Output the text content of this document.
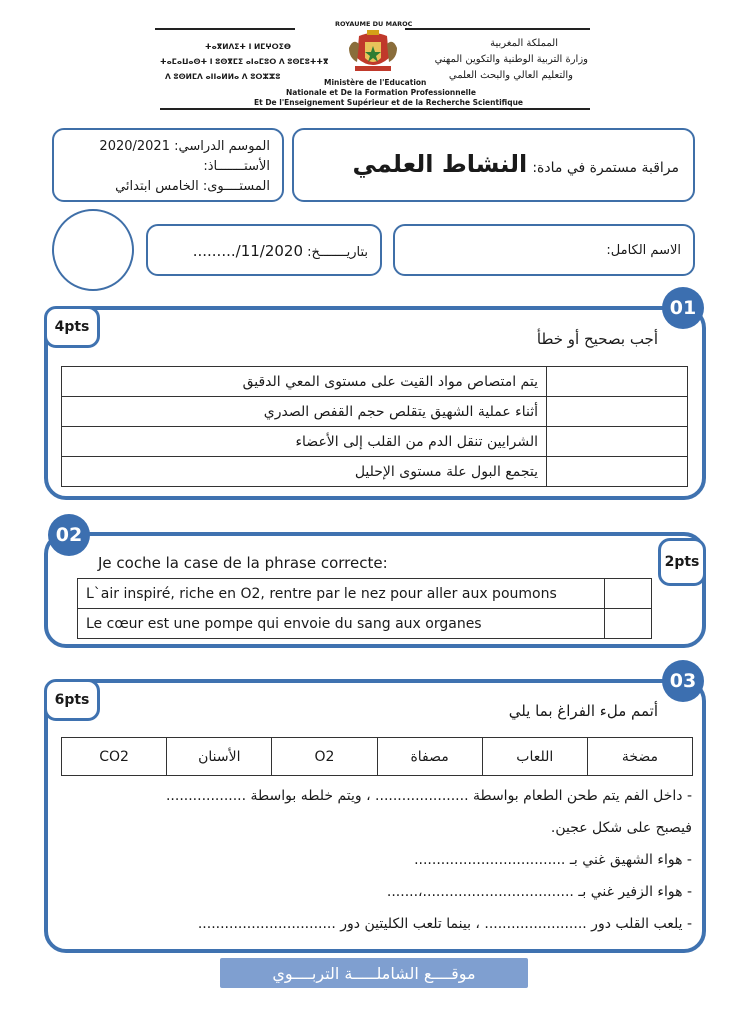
ROYAUME DU MAROC
ⵜⴰⴳⵍⴷⵉⵜ ⵏ ⵍⵎⵖⵔⵉⴱ
ⵜⴰⵎⴰⵡⴰⵙⵜ ⵏ ⵓⵙⴳⵎⵉ ⴰⵏⴰⵎⵓⵔ ⴷ ⵓⵙⵎⵓⵜⵜⴳ
ⴷ ⵓⵙⵍⵎⴷ ⴰⵏⵏⴰⵍⵍⴰ ⴷ ⵓⵔⵣⵣⵓ
المملكة المغربية
وزارة التربية الوطنية والتكوين المهني
والتعليم العالي والبحث العلمي
Ministère de l'Education
Nationale et De la Formation Professionnelle
Et De l'Enseignement Supérieur et de la Recherche Scientifique
الموسم الدراسي: 2020/2021
الأستـــــــاذ:
المستــــوى: الخامس ابتدائي
مراقبة مستمرة في مادة: النشاط العلمي
بتاريـــــــخ: 11/2020/.........	الاسم الكامل:
01
4pts
أجب بصحيح أو خطأ
يتم امتصاص مواد القيت على مستوى المعي الدقيق	
أثناء عملية الشهيق يتقلص حجم القفص الصدري	
الشرايين تنقل الدم من القلب إلى الأعضاء	
يتجمع البول علة مستوى الإحليل	
02
2pts
Je coche la case de la phrase correcte:
L`air inspiré, riche en O2, rentre par le nez pour aller aux poumons	
Le cœur est une pompe qui envoie du sang aux organes	
03
6pts
أتمم ملء الفراغ بما يلي
مضخة	اللعاب	مصفاة	O2	الأسنان	CO2
- داخل الفم يتم طحن الطعام بواسطة ..................... ، ويتم خلطه بواسطة ..................
فيصبح على شكل عجين.
- هواء الشهيق غني بـ ..................................
- هواء الزفير غني بـ ..................................،.......
- يلعب القلب دور ....................... ، بينما تلعب الكليتين دور ...............................
موقــــع الشاملـــــة التربــــوي
